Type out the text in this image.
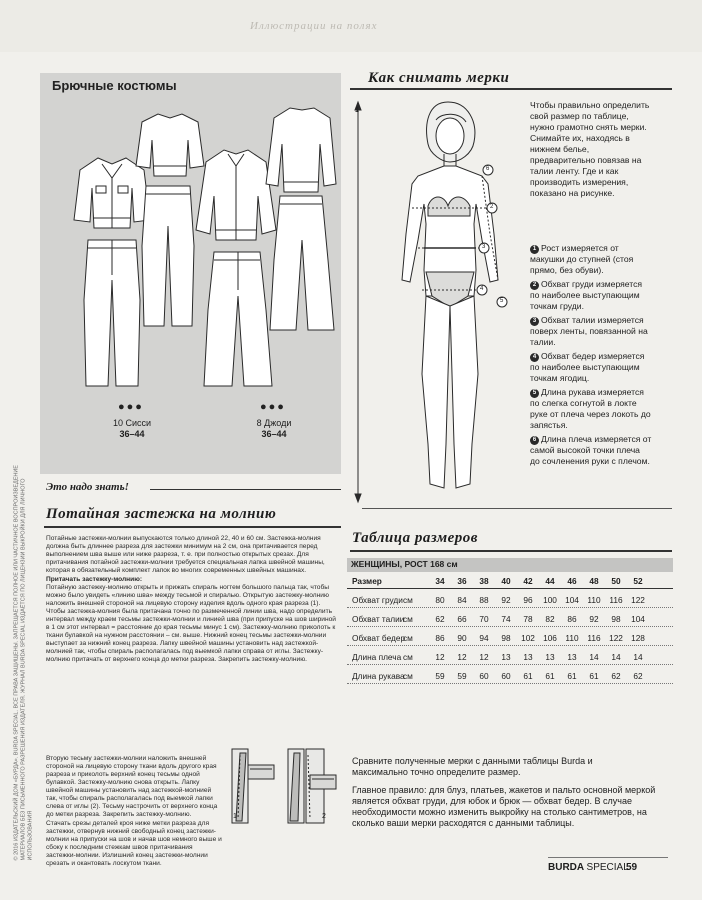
Иллюстрации на полях
© 2016 ИЗДАТЕЛЬСКИЙ ДОМ «БУРДА». BURDA SPECIAL. ВСЕ ПРАВА ЗАЩИЩЕНЫ. ЗАПРЕЩАЕТСЯ ПОЛНОЕ ИЛИ ЧАСТИЧНОЕ ВОСПРОИЗВЕДЕНИЕ МАТЕРИАЛОВ БЕЗ ПИСЬМЕННОГО РАЗРЕШЕНИЯ ИЗДАТЕЛЯ. ЖУРНАЛ BURDA SPECIAL ИЗДАЁТСЯ ПО ЛИЦЕНЗИИ ВЫКРОЙКИ ДЛЯ ЛИЧНОГО ИСПОЛЬЗОВАНИЯ
Брючные костюмы
●●●
10 Сисси
36–44
●●●
8 Джоди
36–44
Это надо знать!
Потайная застежка на молнию

Потайные застежки-молнии выпускаются только длиной 22, 40 и 60 см. Застежка-молния должна быть длиннее разреза для застежки минимум на 2 см, она притачивается перед выполнением шва выше или ниже разреза, т. е. при полностью открытых срезах. Для притачивания потайной застежки-молнии требуется специальная лапка швейной машины, которая в обязательный комплект лапок во многих современных швейных машинах.

Притачать застежку-молнию:

Потайную застежку-молнию открыть и прижать спираль ногтем большого пальца так, чтобы можно было увидеть «линию шва» между тесьмой и спиралью. Открытую застежку-молнию наложить внешней стороной на лицевую сторону изделия вдоль одного края разреза (1). Чтобы застежка-молния была притачана точно по размеченной линии шва, надо определить интервал между краем тесьмы застежки-молнии и линией шва (при припуске на шов шириной в 1 см этот интервал = расстояние до края тесьмы минус 1 см). Застежку-молнию приколоть к ткани булавкой на нужном расстоянии – см. выше. Нижний конец тесьмы застежки-молнии выступает за нижний конец разреза. Лапку швейной машины установить над застежкой-молнией так, чтобы спираль располагалась под выемкой лапки справа от иглы. Застежку-молнию притачать от верхнего конца до метки разреза. Закрепить застежку-молнию.

Вторую тесьму застежки-молнии наложить внешней стороной на лицевую сторону ткани вдоль другого края разреза и приколоть верхний конец тесьмы одной булавкой. Застежку-молнию снова открыть. Лапку швейной машины установить над застежкой-молнией так, чтобы спираль располагалась под выемкой лапки слева от иглы (2). Тесьму настрочить от верхнего конца до метки разреза. Закрепить застежку-молнию.

Стачать срезы деталей кроя ниже метки разреза для застежки, отвернув нижний свободный конец застежки-молнии на припуски на шов и начав шов немного выше и сбоку к последним стежкам швов притачивания застежки-молнии. Излишний конец застежки-молнии срезать и окантовать лоскутом ткани.

1	2
Как снимать мерки
1
2
3
4
5
6
Чтобы правильно определить свой размер по таблице, нужно грамотно снять мерки. Снимайте их, находясь в нижнем белье, предварительно повязав на талии ленту. Где и как производить измерения, показано на рисунке.
1 Рост измеряется от макушки до ступней (стоя прямо, без обуви).
2 Обхват груди измеряется по наиболее выступающим точкам груди.
3 Обхват талии измеряется поверх ленты, повязанной на талии.
4 Обхват бедер измеряется по наиболее выступающим точкам ягодиц.
5 Длина рукава измеряется по слегка согнутой в локте руке от плеча через локоть до запястья.
6 Длина плеча измеряется от самой высокой точки плеча до сочленения руки с плечом.
Таблица размеров
ЖЕНЩИНЫ, РОСТ 168 см
Размер	34	36	38	40	42	44	46	48	50	52
Обхват груди см	80	84	88	92	96	100 104	110	116	122
Обхват талии
см	62	66	70	74	78	82	86	92	98	104
Обхват бедер
см	86	90	94	98	102 106	110	116	122 128
Длина плеча см	12	12	12	13	13	13	13	14	14	14
Длина рукава
см	59	59	60	60	61	61	61	61	62	62
Сравните полученные мерки с данными таблицы Burda и максимально точно определите размер.
Главное правило: для блуз, платьев, жакетов и пальто основной меркой является обхват груди, для юбок и брюк — обхват бедер. В случае необходимости можно изменить выкройку на столько сантиметров, на сколько ваши мерки расходятся с данными таблицы.
BURDA SPECIAL
59
